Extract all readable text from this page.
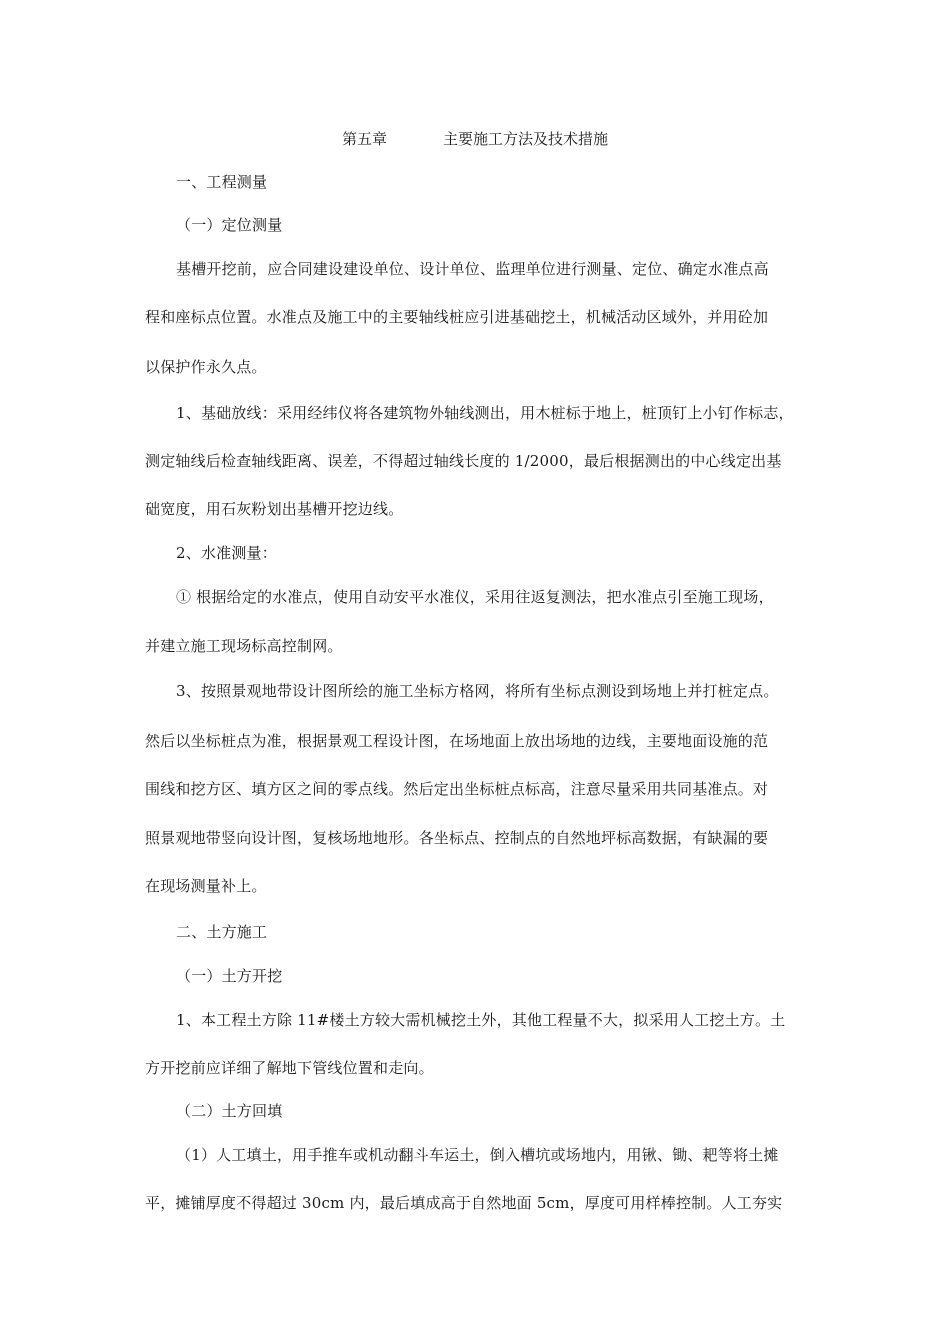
第五章	主要施工方法及技术措施
一、工程测量
（一）定位测量
基槽开挖前，应合同建设建设单位、设计单位、监理单位进行测量、定位、确定水准点高
程和座标点位置。水准点及施工中的主要轴线桩应引进基础挖土，机械活动区域外，并用砼加
以保护作永久点。
1、基础放线：采用经纬仪将各建筑物外轴线测出，用木桩标于地上，桩顶钉上小钉作标志，
测定轴线后检查轴线距离、误差，不得超过轴线长度的 1/2000，最后根据测出的中心线定出基
础宽度，用石灰粉划出基槽开挖边线。
2、水准测量：
① 根据给定的水准点，使用自动安平水准仪，采用往返复测法，把水准点引至施工现场，
并建立施工现场标高控制网。
3、按照景观地带设计图所绘的施工坐标方格网，将所有坐标点测设到场地上并打桩定点。
然后以坐标桩点为准，根据景观工程设计图，在场地面上放出场地的边线，主要地面设施的范
围线和挖方区、填方区之间的零点线。然后定出坐标桩点标高，注意尽量采用共同基准点。对
照景观地带竖向设计图，复核场地地形。各坐标点、控制点的自然地坪标高数据，有缺漏的要
在现场测量补上。
二、土方施工
（一）土方开挖
1、本工程土方除 11#楼土方较大需机械挖土外，其他工程量不大，拟采用人工挖土方。土
方开挖前应详细了解地下管线位置和走向。
（二）土方回填
（1）人工填土，用手推车或机动翻斗车运土，倒入槽坑或场地内，用锹、锄、耙等将土摊
平，摊铺厚度不得超过 30cm 内，最后填成高于自然地面 5cm，厚度可用样棒控制。人工夯实
